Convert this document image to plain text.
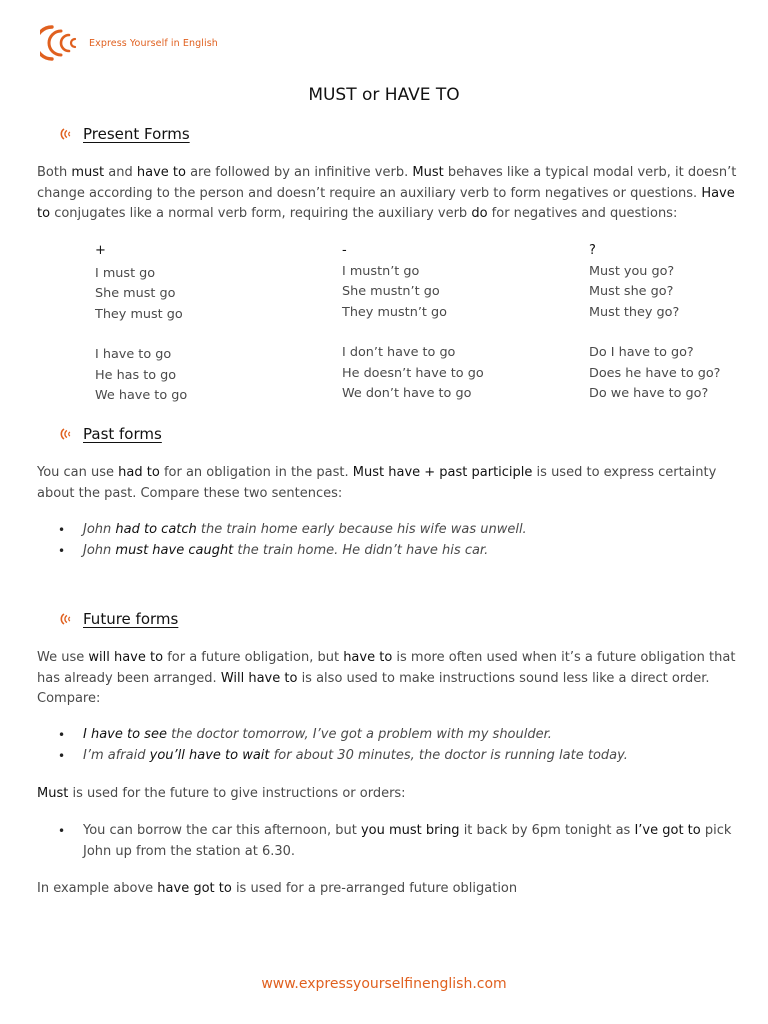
Express Yourself in English
MUST or HAVE TO
Present Forms

Both must and have to are followed by an infinitive verb. Must behaves like a typical modal verb, it doesn’t change according to the person and doesn’t require an auxiliary verb to form negatives or questions. Have to conjugates like a normal verb form, requiring the auxiliary verb do for negatives and questions:

+
I must go
She must go
They must go
I have to go
He has to go
We have to go
-
I mustn’t go
She mustn’t go
They mustn’t go
I don’t have to go
He doesn’t have to go
We don’t have to go
?
Must you go?
Must she go?
Must they go?
Do I have to go?
Does he have to go?
Do we have to go?
Past forms

You can use had to for an obligation in the past. Must have + past participle is used to express certainty about the past. Compare these two sentences:

• John had to catch the train home early because his wife was unwell.
• John must have caught the train home. He didn’t have his car.
Future forms

We use will have to for a future obligation, but have to is more often used when it’s a future obligation that has already been arranged. Will have to is also used to make instructions sound less like a direct order. Compare:

• I have to see the doctor tomorrow, I’ve got a problem with my shoulder.
• I’m afraid you’ll have to wait for about 30 minutes, the doctor is running late today.

Must is used for the future to give instructions or orders:

• You can borrow the car this afternoon, but you must bring it back by 6pm tonight as I’ve got to pick John up from the station at 6.30.

In example above have got to is used for a pre-arranged future obligation

www.expressyourselfinenglish.com
